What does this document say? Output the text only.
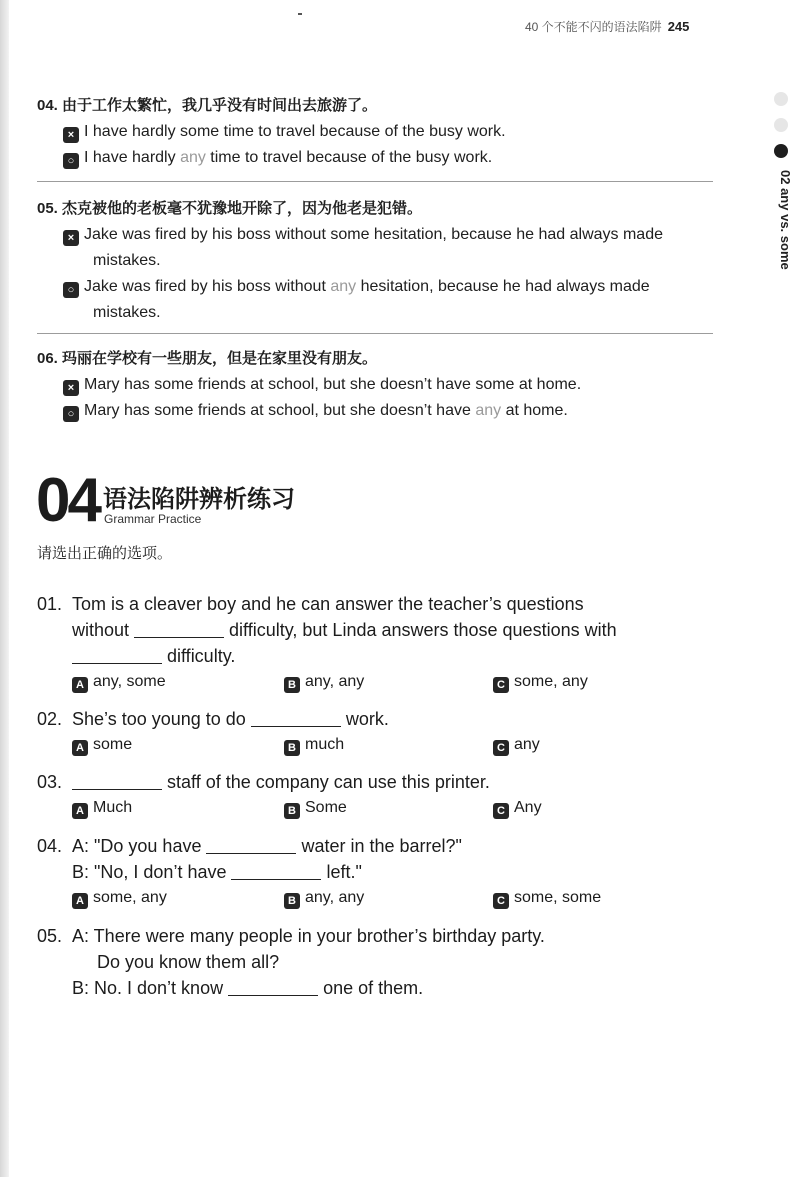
40 个不能不闪的语法陷阱 245
02 any vs. some
04. 由于工作太繁忙，我几乎没有时间出去旅游了。
× I have hardly some time to travel because of the busy work.
○ I have hardly any time to travel because of the busy work.
05. 杰克被他的老板毫不犹豫地开除了，因为他老是犯错。
× Jake was fired by his boss without some hesitation, because he had always made
mistakes.
○ Jake was fired by his boss without any hesitation, because he had always made
mistakes.
06. 玛丽在学校有一些朋友，但是在家里没有朋友。
× Mary has some friends at school, but she doesn’t have some at home.
○ Mary has some friends at school, but she doesn’t have any at home.
04 语法陷阱辨析练习
Grammar Practice
请选出正确的选项。
01. Tom is a cleaver boy and he can answer the teacher’s questions
without	difficulty, but Linda answers those questions with
difficulty.
A any, some	B any, any	C some, any
02. She’s too young to do	work.
A some	B much	C any
03.	staff of the company can use this printer.
A Much	B Some	C Any
04. A: "Do you have	water in the barrel?"
B: "No, I don’t have	left."
A some, any	B any, any	C some, some
05. A: There were many people in your brother’s birthday party.
Do you know them all?
B: No. I don’t know	one of them.
